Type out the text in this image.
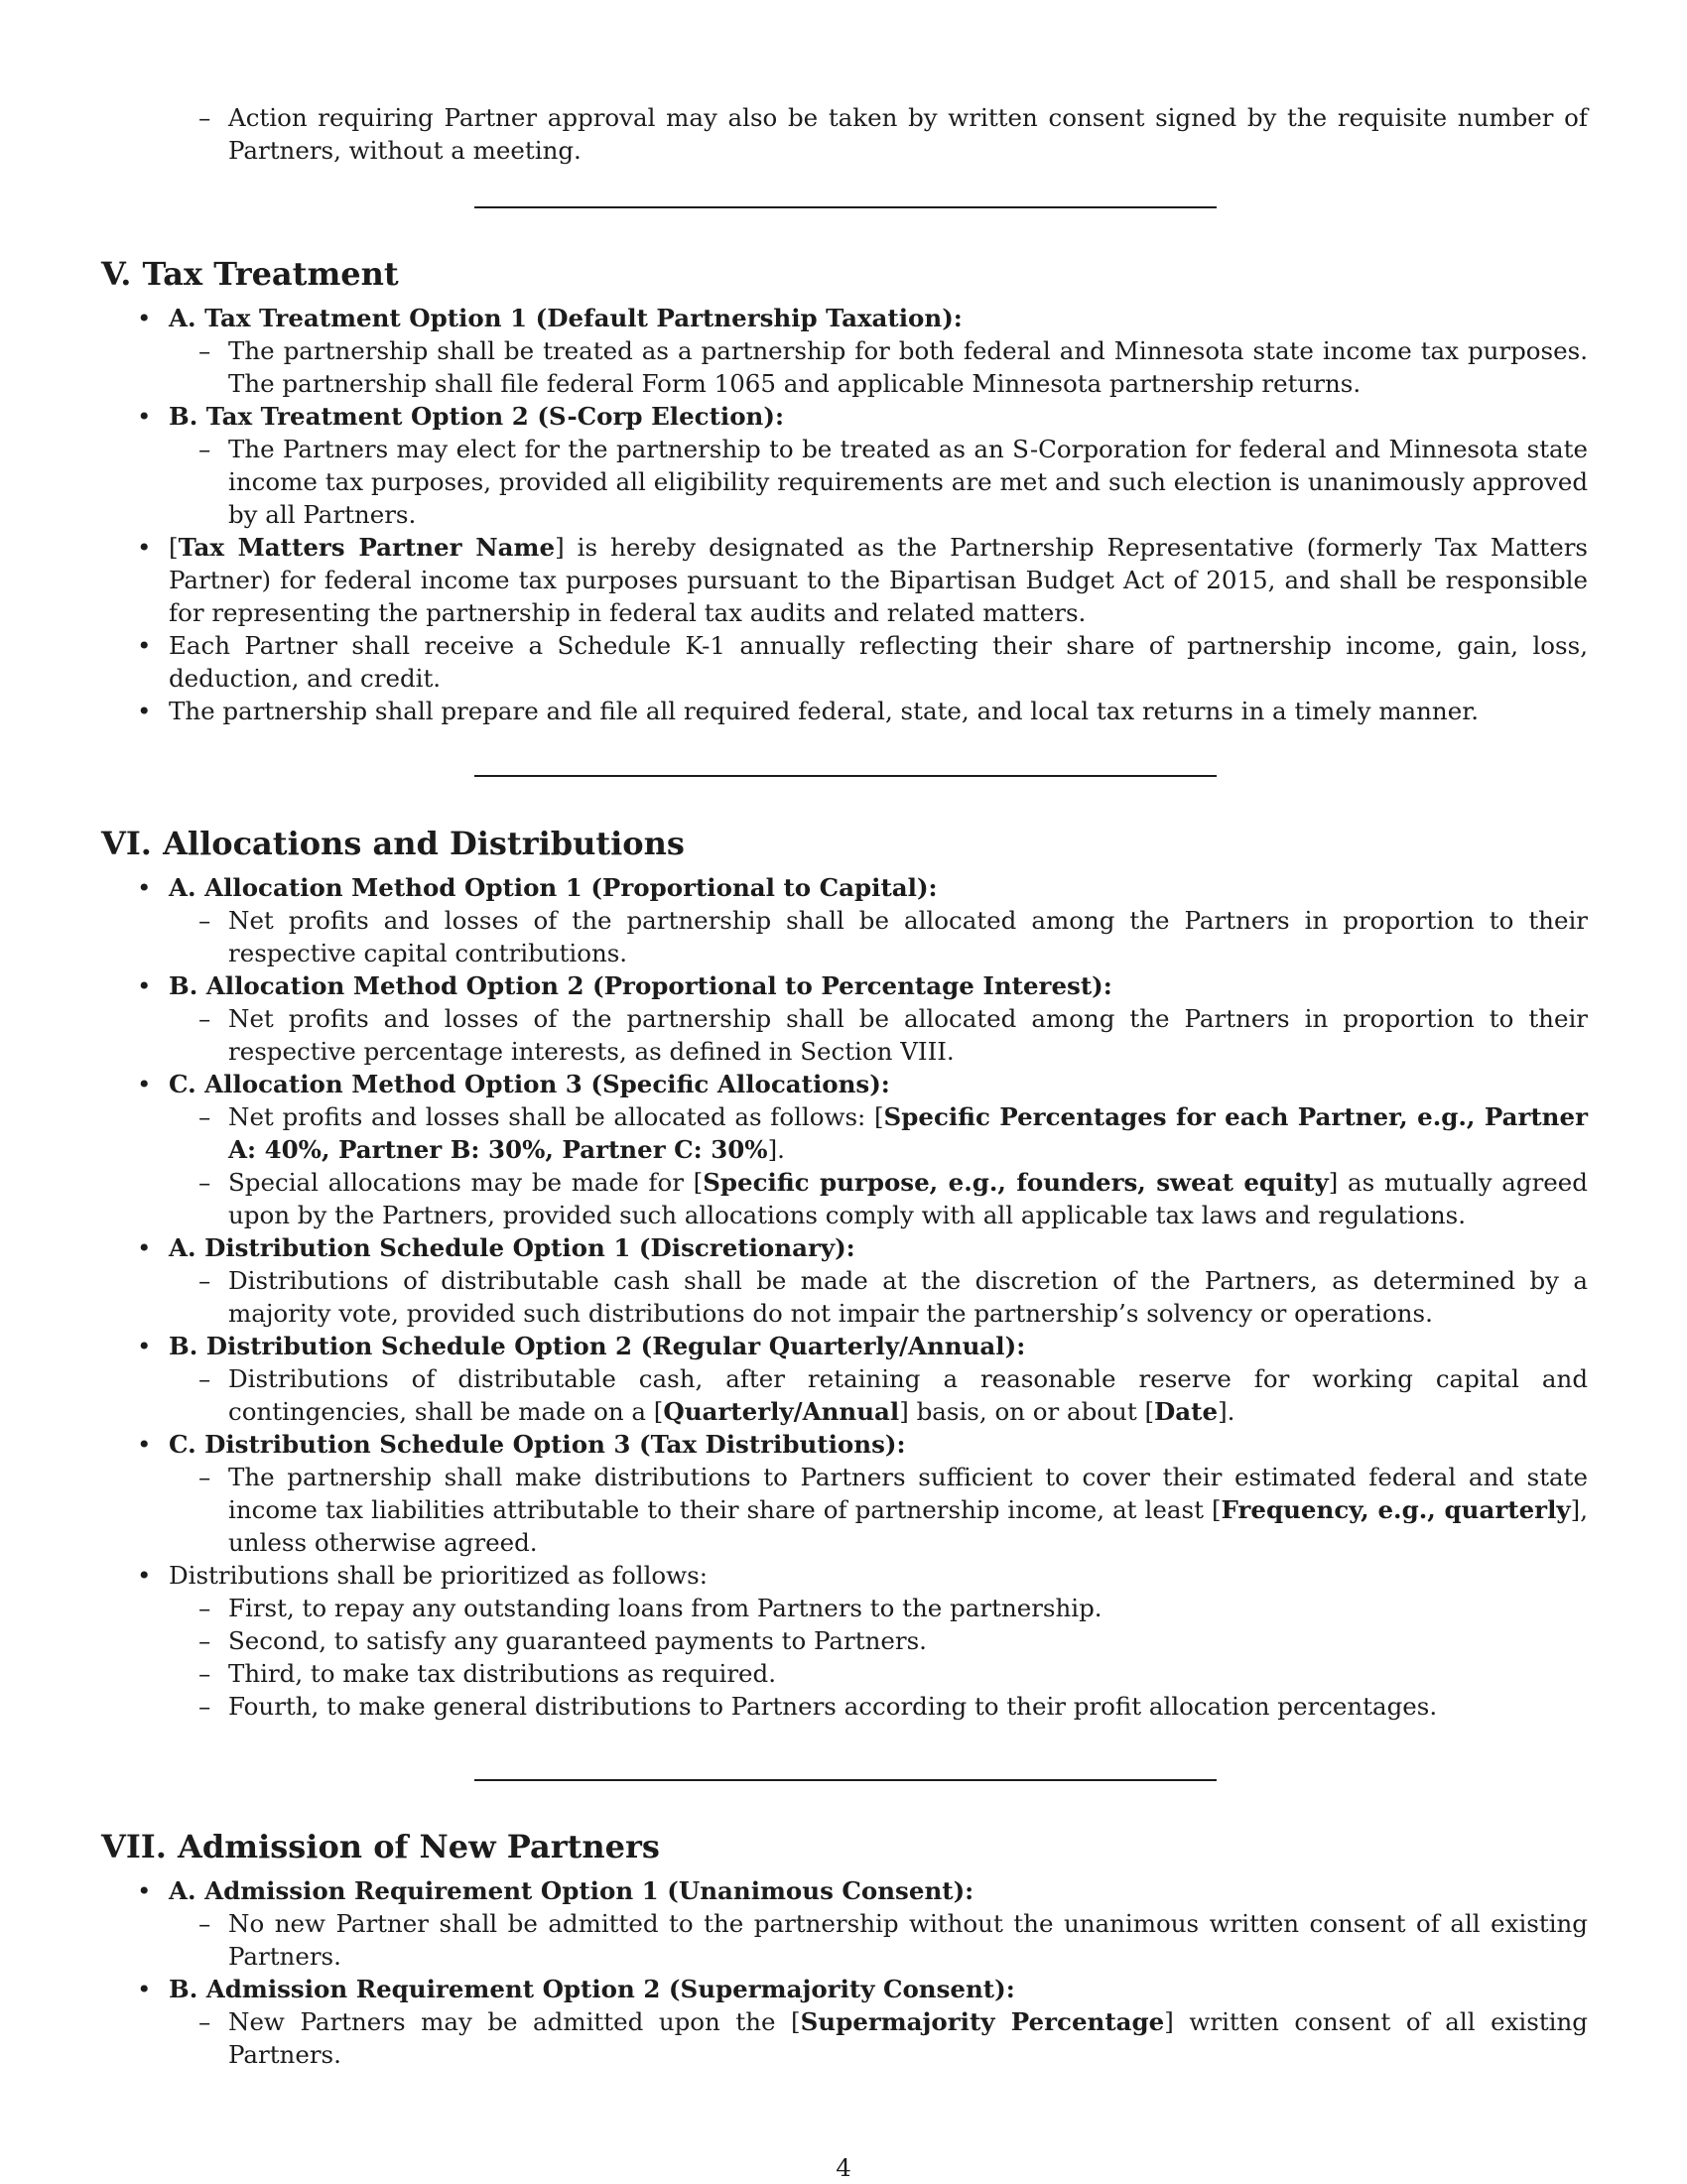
– Action requiring Partner approval may also be taken by written consent signed by the requisite number of Partners, without a meeting.
V. Tax Treatment
• A. Tax Treatment Option 1 (Default Partnership Taxation):
– The partnership shall be treated as a partnership for both federal and Minnesota state income tax purposes. The partnership shall file federal Form 1065 and applicable Minnesota partnership returns.
• B. Tax Treatment Option 2 (S-Corp Election):
– The Partners may elect for the partnership to be treated as an S-Corporation for federal and Minnesota state income tax purposes, provided all eligibility requirements are met and such election is unanimously approved by all Partners.
• [Tax Matters Partner Name] is hereby designated as the Partnership Representative (formerly Tax Matters Partner) for federal income tax purposes pursuant to the Bipartisan Budget Act of 2015, and shall be responsible for representing the partnership in federal tax audits and related matters.
• Each Partner shall receive a Schedule K-1 annually reflecting their share of partnership income, gain, loss, deduction, and credit.
• The partnership shall prepare and file all required federal, state, and local tax returns in a timely manner.
VI. Allocations and Distributions
• A. Allocation Method Option 1 (Proportional to Capital):
– Net profits and losses of the partnership shall be allocated among the Partners in proportion to their respective capital contributions.
• B. Allocation Method Option 2 (Proportional to Percentage Interest):
– Net profits and losses of the partnership shall be allocated among the Partners in proportion to their respective percentage interests, as defined in Section VIII.
• C. Allocation Method Option 3 (Specific Allocations):
– Net profits and losses shall be allocated as follows: [Specific Percentages for each Partner, e.g., Partner A: 40%, Partner B: 30%, Partner C: 30%].
– Special allocations may be made for [Specific purpose, e.g., founders, sweat equity] as mutually agreed upon by the Partners, provided such allocations comply with all applicable tax laws and regulations.
• A. Distribution Schedule Option 1 (Discretionary):
– Distributions of distributable cash shall be made at the discretion of the Partners, as determined by a majority vote, provided such distributions do not impair the partnership’s solvency or operations.
• B. Distribution Schedule Option 2 (Regular Quarterly/Annual):
– Distributions of distributable cash, after retaining a reasonable reserve for working capital and contingencies, shall be made on a [Quarterly/Annual] basis, on or about [Date].
• C. Distribution Schedule Option 3 (Tax Distributions):
– The partnership shall make distributions to Partners sufficient to cover their estimated federal and state income tax liabilities attributable to their share of partnership income, at least [Frequency, e.g., quarterly], unless otherwise agreed.
• Distributions shall be prioritized as follows:
– First, to repay any outstanding loans from Partners to the partnership.
– Second, to satisfy any guaranteed payments to Partners.
– Third, to make tax distributions as required.
– Fourth, to make general distributions to Partners according to their profit allocation percentages.
VII. Admission of New Partners
• A. Admission Requirement Option 1 (Unanimous Consent):
– No new Partner shall be admitted to the partnership without the unanimous written consent of all existing Partners.
• B. Admission Requirement Option 2 (Supermajority Consent):
– New Partners may be admitted upon the [Supermajority Percentage] written consent of all existing Partners.
4
